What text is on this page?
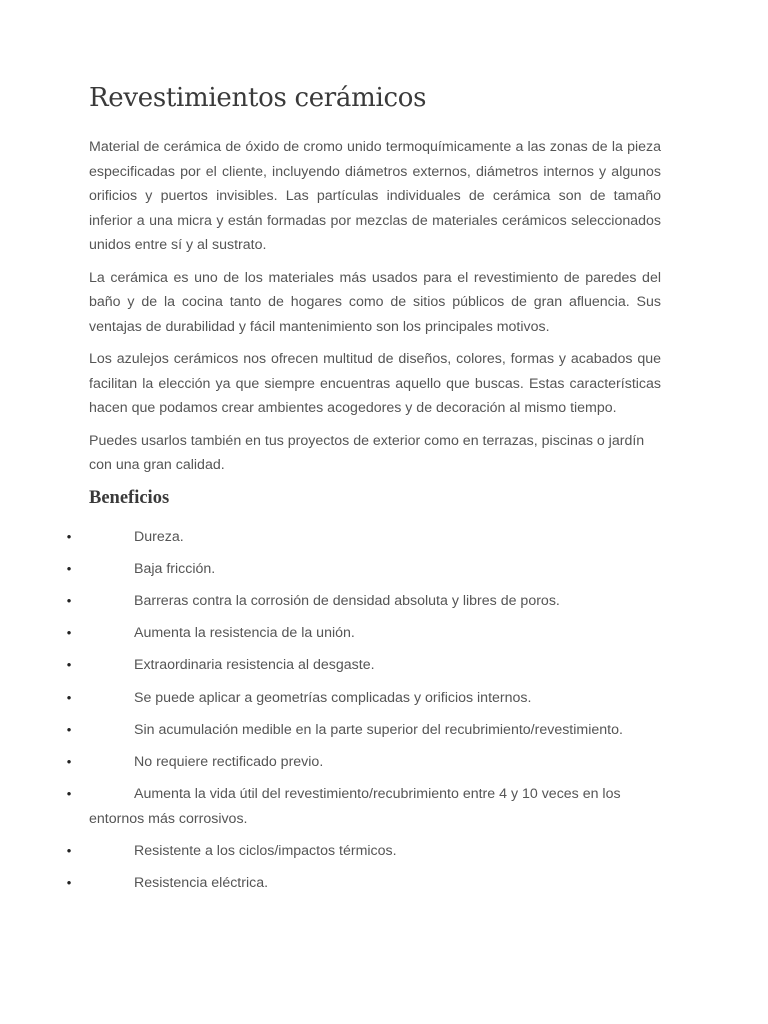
Revestimientos cerámicos

Material de cerámica de óxido de cromo unido termoquímicamente a las zonas de la pieza especificadas por el cliente, incluyendo diámetros externos, diámetros internos y algunos orificios y puertos invisibles. Las partículas individuales de cerámica son de tamaño inferior a una micra y están formadas por mezclas de materiales cerámicos seleccionados unidos entre sí y al sustrato.

La cerámica es uno de los materiales más usados para el revestimiento de paredes del baño y de la cocina tanto de hogares como de sitios públicos de gran afluencia. Sus ventajas de durabilidad y fácil mantenimiento son los principales motivos.

Los azulejos cerámicos nos ofrecen multitud de diseños, colores, formas y acabados que facilitan la elección ya que siempre encuentras aquello que buscas. Estas características hacen que podamos crear ambientes acogedores y de decoración al mismo tiempo.

Puedes usarlos también en tus proyectos de exterior como en terrazas, piscinas o jardín con una gran calidad.

Beneficios
•	Dureza.
•	Baja fricción.
•	Barreras contra la corrosión de densidad absoluta y libres de poros.
•	Aumenta la resistencia de la unión.
•	Extraordinaria resistencia al desgaste.
•	Se puede aplicar a geometrías complicadas y orificios internos.
•	Sin acumulación medible en la parte superior del recubrimiento/revestimiento.
•	No requiere rectificado previo.
•	Aumenta la vida útil del revestimiento/recubrimiento entre 4 y 10 veces en los entornos más corrosivos.
•	Resistente a los ciclos/impactos térmicos.
•	Resistencia eléctrica.
